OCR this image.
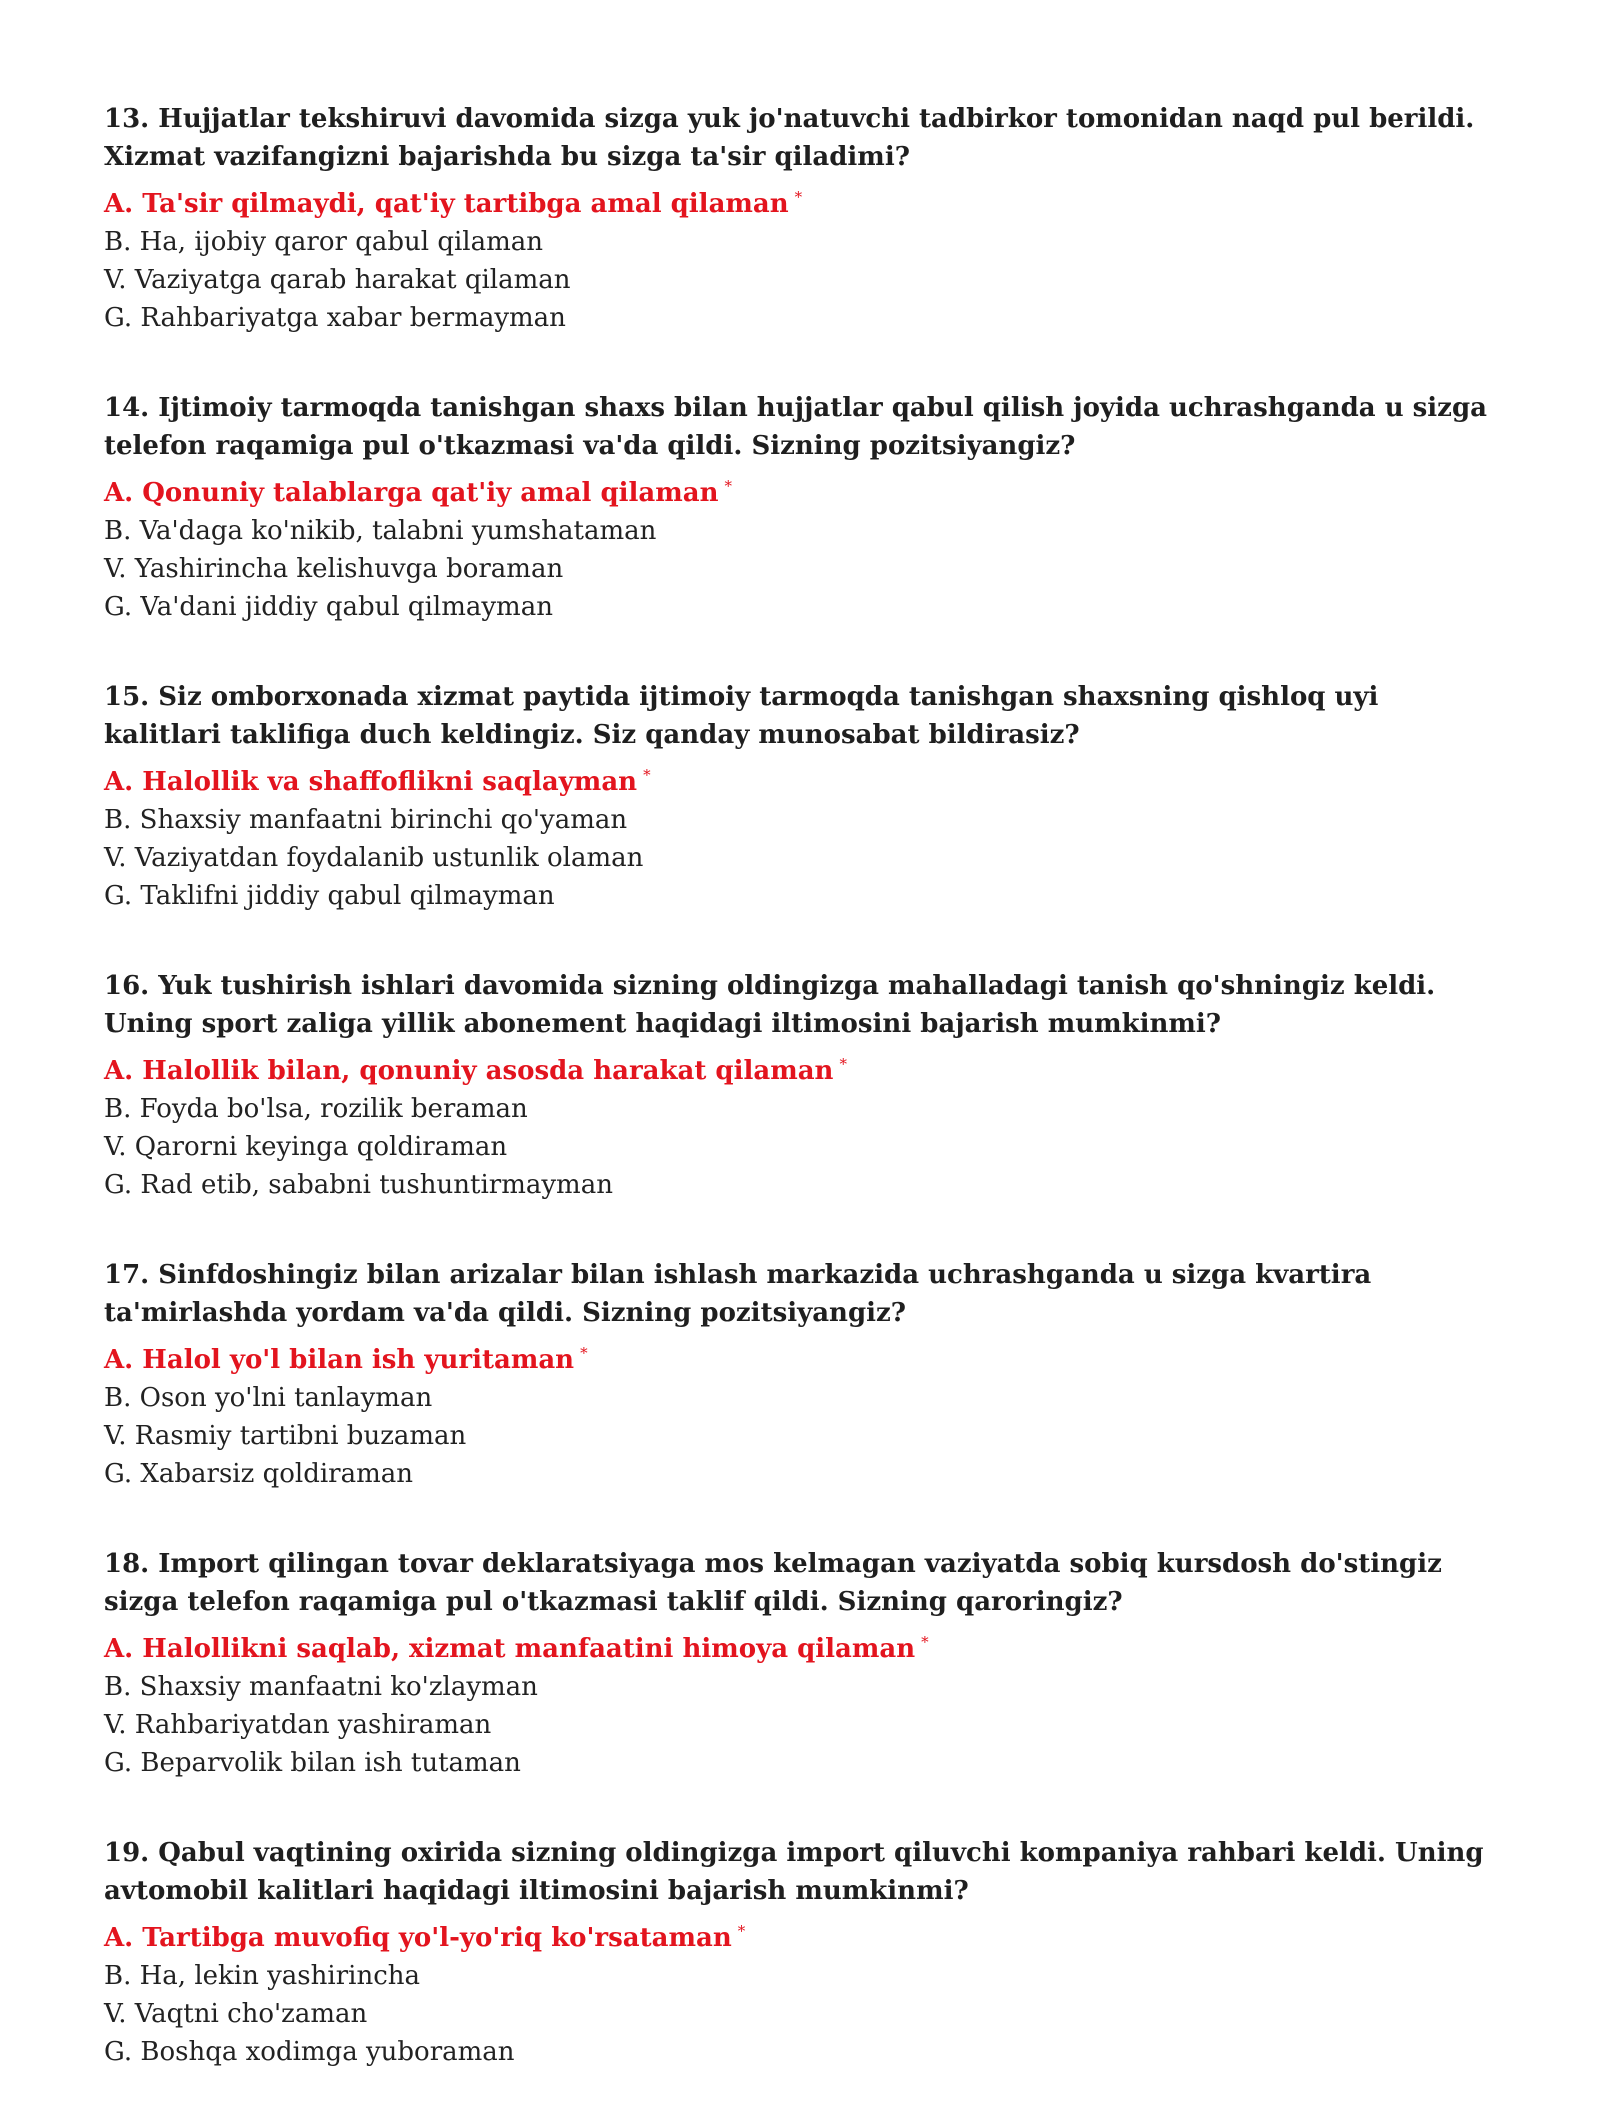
13. Hujjatlar tekshiruvi davomida sizga yuk jo'natuvchi tadbirkor tomonidan naqd pul berildi. Xizmat vazifangizni bajarishda bu sizga ta'sir qiladimi?

A. Ta'sir qilmaydi, qat'iy tartibga amal qilaman *

B. Ha, ijobiy qaror qabul qilaman

V. Vaziyatga qarab harakat qilaman

G. Rahbariyatga xabar bermayman

14. Ijtimoiy tarmoqda tanishgan shaxs bilan hujjatlar qabul qilish joyida uchrashganda u sizga telefon raqamiga pul o'tkazmasi va'da qildi. Sizning pozitsiyangiz?

A. Qonuniy talablarga qat'iy amal qilaman *

B. Va'daga ko'nikib, talabni yumshataman

V. Yashirincha kelishuvga boraman

G. Va'dani jiddiy qabul qilmayman

15. Siz omborxonada xizmat paytida ijtimoiy tarmoqda tanishgan shaxsning qishloq uyi kalitlari taklifiga duch keldingiz. Siz qanday munosabat bildirasiz?

A. Halollik va shaffoflikni saqlayman *

B. Shaxsiy manfaatni birinchi qo'yaman

V. Vaziyatdan foydalanib ustunlik olaman

G. Taklifni jiddiy qabul qilmayman

16. Yuk tushirish ishlari davomida sizning oldingizga mahalladagi tanish qo'shningiz keldi. Uning sport zaliga yillik abonement haqidagi iltimosini bajarish mumkinmi?

A. Halollik bilan, qonuniy asosda harakat qilaman *

B. Foyda bo'lsa, rozilik beraman

V. Qarorni keyinga qoldiraman

G. Rad etib, sababni tushuntirmayman

17. Sinfdoshingiz bilan arizalar bilan ishlash markazida uchrashganda u sizga kvartira ta'mirlashda yordam va'da qildi. Sizning pozitsiyangiz?

A. Halol yo'l bilan ish yuritaman *

B. Oson yo'lni tanlayman

V. Rasmiy tartibni buzaman

G. Xabarsiz qoldiraman

18. Import qilingan tovar deklaratsiyaga mos kelmagan vaziyatda sobiq kursdosh do'stingiz sizga telefon raqamiga pul o'tkazmasi taklif qildi. Sizning qaroringiz?

A. Halollikni saqlab, xizmat manfaatini himoya qilaman *

B. Shaxsiy manfaatni ko'zlayman

V. Rahbariyatdan yashiraman

G. Beparvolik bilan ish tutaman

19. Qabul vaqtining oxirida sizning oldingizga import qiluvchi kompaniya rahbari keldi. Uning avtomobil kalitlari haqidagi iltimosini bajarish mumkinmi?

A. Tartibga muvofiq yo'l-yo'riq ko'rsataman *

B. Ha, lekin yashirincha

V. Vaqtni cho'zaman

G. Boshqa xodimga yuboraman
